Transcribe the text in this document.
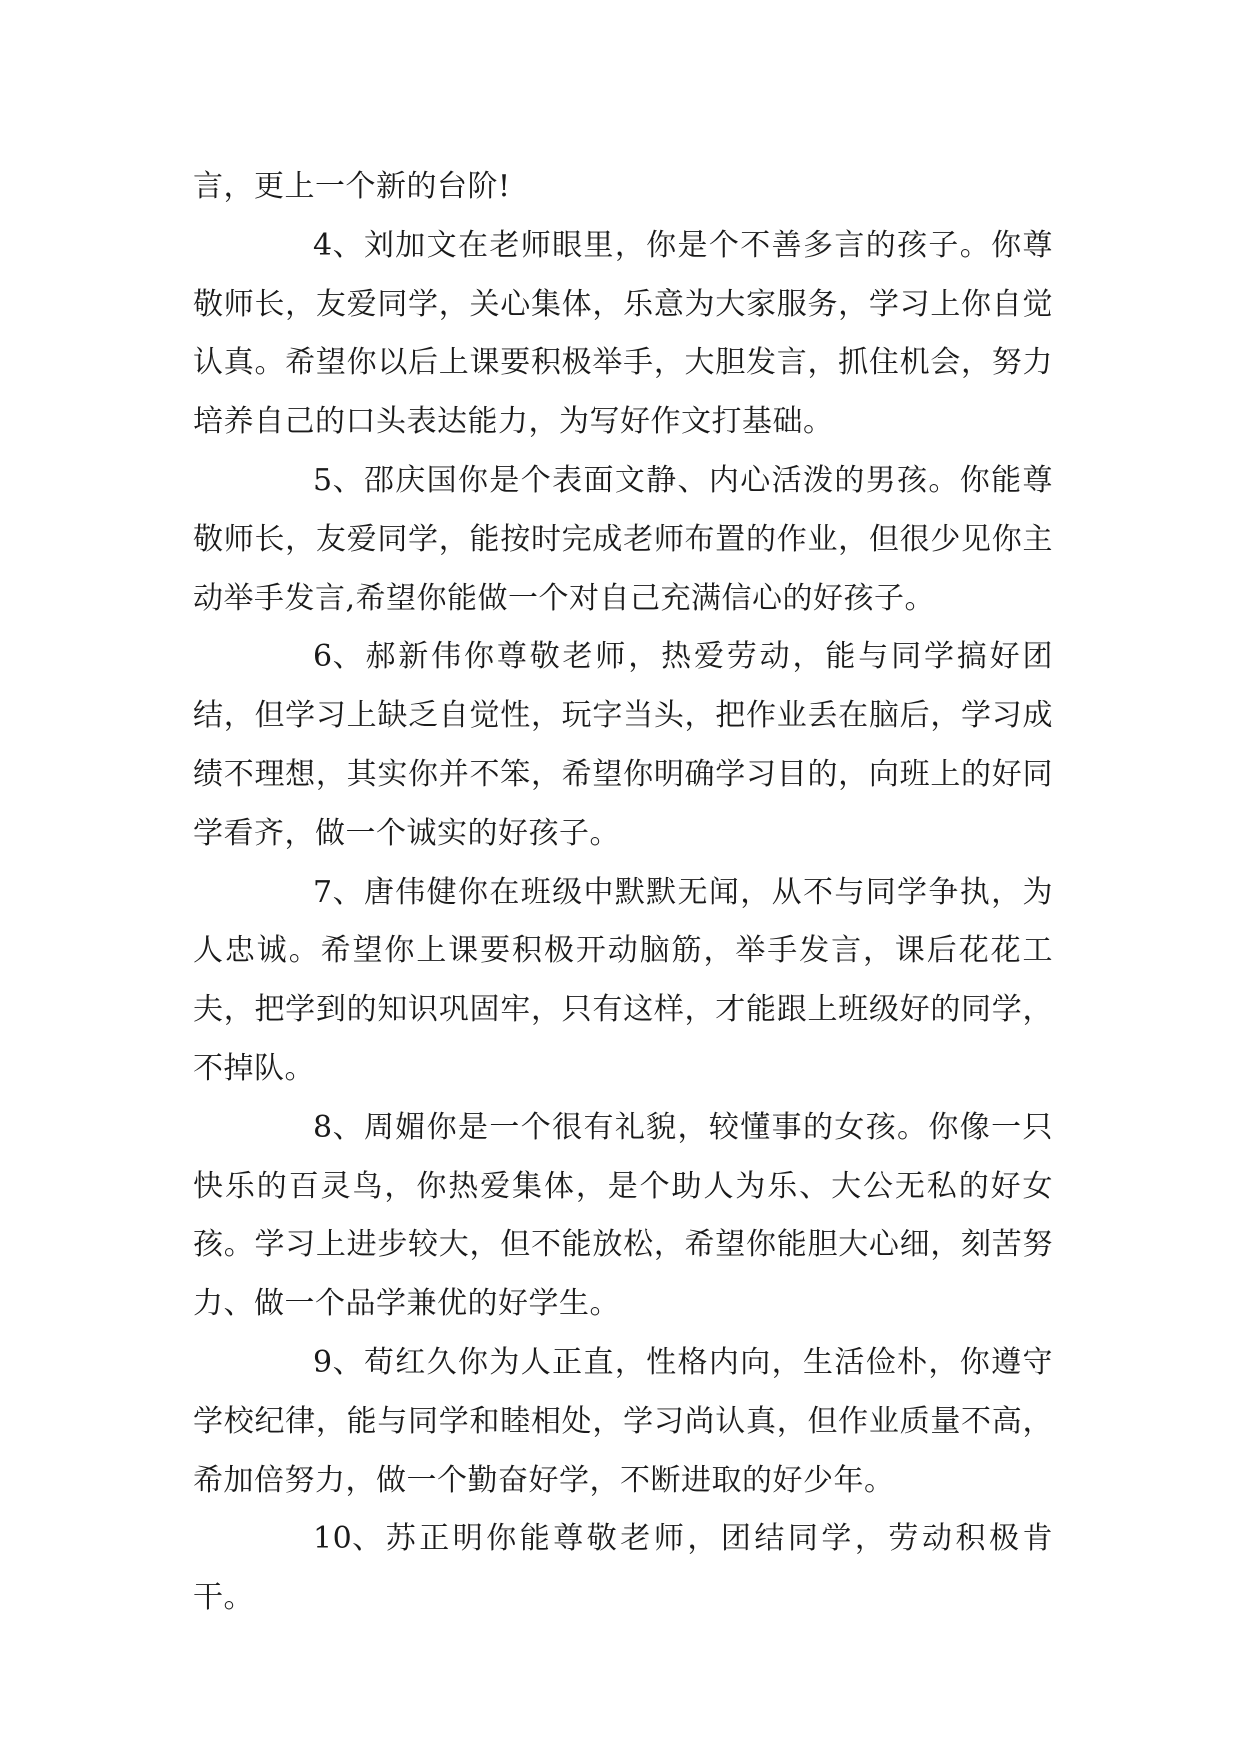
言，更上一个新的台阶!

4、刘加文在老师眼里，你是个不善多言的孩子。你尊敬师长，友爱同学，关心集体，乐意为大家服务，学习上你自觉认真。希望你以后上课要积极举手，大胆发言，抓住机会，努力培养自己的口头表达能力，为写好作文打基础。

5、邵庆国你是个表面文静、内心活泼的男孩。你能尊敬师长，友爱同学，能按时完成老师布置的作业，但很少见你主动举手发言,希望你能做一个对自己充满信心的好孩子。

6、郝新伟你尊敬老师，热爱劳动，能与同学搞好团结，但学习上缺乏自觉性，玩字当头，把作业丢在脑后，学习成绩不理想，其实你并不笨，希望你明确学习目的，向班上的好同学看齐，做一个诚实的好孩子。

7、唐伟健你在班级中默默无闻，从不与同学争执，为人忠诚。希望你上课要积极开动脑筋，举手发言，课后花花工夫，把学到的知识巩固牢，只有这样，才能跟上班级好的同学，不掉队。

8、周媚你是一个很有礼貌，较懂事的女孩。你像一只快乐的百灵鸟，你热爱集体，是个助人为乐、大公无私的好女孩。学习上进步较大，但不能放松，希望你能胆大心细，刻苦努力、做一个品学兼优的好学生。

9、荀红久你为人正直，性格内向，生活俭朴，你遵守学校纪律，能与同学和睦相处，学习尚认真，但作业质量不高，希加倍努力，做一个勤奋好学，不断进取的好少年。

10、苏正明你能尊敬老师，团结同学，劳动积极肯干。
